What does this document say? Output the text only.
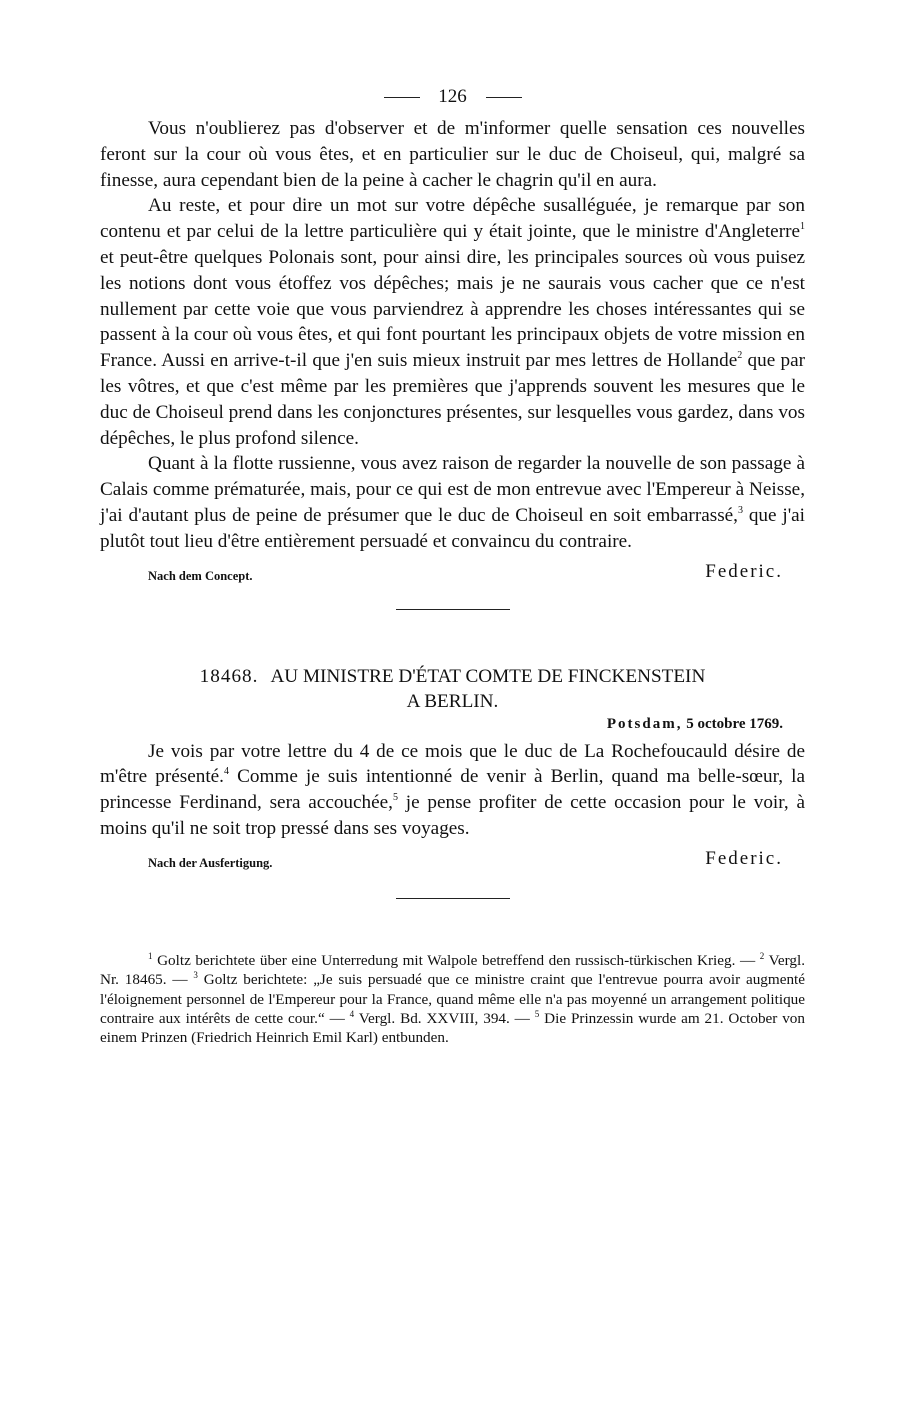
126

Vous n'oublierez pas d'observer et de m'informer quelle sensation ces nouvelles feront sur la cour où vous êtes, et en particulier sur le duc de Choiseul, qui, malgré sa finesse, aura cependant bien de la peine à cacher le chagrin qu'il en aura.

Au reste, et pour dire un mot sur votre dépêche susalléguée, je remarque par son contenu et par celui de la lettre particulière qui y était jointe, que le ministre d'Angleterre$^1$ et peut-être quelques Polonais sont, pour ainsi dire, les principales sources où vous puisez les notions dont vous étoffez vos dépêches; mais je ne saurais vous cacher que ce n'est nullement par cette voie que vous parviendrez à apprendre les choses intéressantes qui se passent à la cour où vous êtes, et qui font pourtant les principaux objets de votre mission en France. Aussi en arrive-t-il que j'en suis mieux instruit par mes lettres de Hollande$^2$ que par les vôtres, et que c'est même par les premières que j'apprends souvent les mesures que le duc de Choiseul prend dans les conjonctures présentes, sur lesquelles vous gardez, dans vos dépêches, le plus profond silence.

Quant à la flotte russienne, vous avez raison de regarder la nouvelle de son passage à Calais comme prématurée, mais, pour ce qui est de mon entrevue avec l'Empereur à Neisse, j'ai d'autant plus de peine de présumer que le duc de Choiseul en soit embarrassé,$^3$ que j'ai plutôt tout lieu d'être entièrement persuadé et convaincu du contraire.

Nach dem Concept.	Federic.
18468. AU MINISTRE D'ÉTAT COMTE DE FINCKENSTEIN
A BERLIN.
Potsdam, 5 octobre 1769.

Je vois par votre lettre du 4 de ce mois que le duc de La Rochefoucauld désire de m'être présenté.$^4$ Comme je suis intentionné de venir à Berlin, quand ma belle-sœur, la princesse Ferdinand, sera accouchée,$^5$ je pense profiter de cette occasion pour le voir, à moins qu'il ne soit trop pressé dans ses voyages.

Nach der Ausfertigung.	Federic.

$^1$ Goltz berichtete über eine Unterredung mit Walpole betreffend den russisch-türkischen Krieg. — $^2$ Vergl. Nr. 18465. — $^3$ Goltz berichtete: „Je suis persuadé que ce ministre craint que l'entrevue pourra avoir augmenté l'éloignement personnel de l'Empereur pour la France, quand même elle n'a pas moyenné un arrangement politique contraire aux intérêts de cette cour.“ — $^4$ Vergl. Bd. XXVIII, 394. — $^5$ Die Prinzessin wurde am 21. October von einem Prinzen (Friedrich Heinrich Emil Karl) entbunden.
